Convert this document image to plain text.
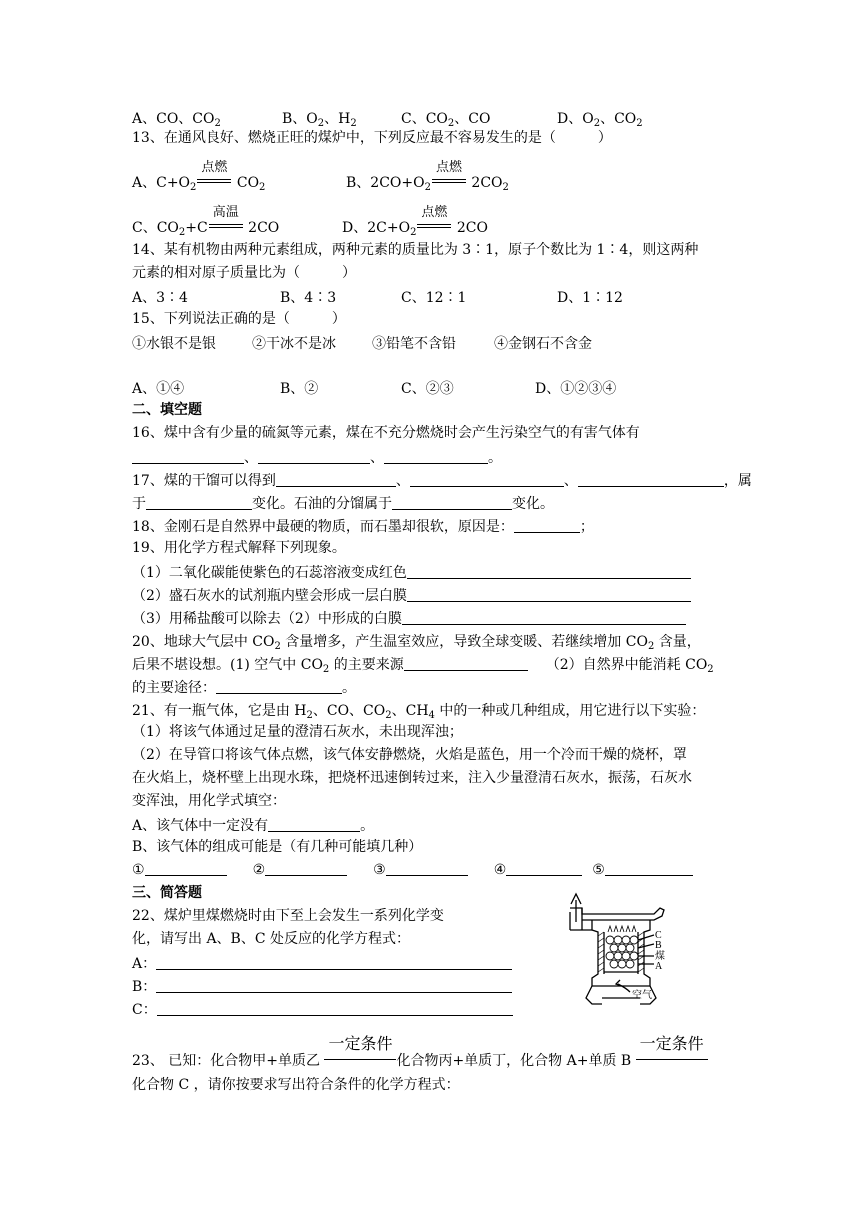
A、CO、$CO_2$	B、$O_2$、$H_2$	C、$CO_2$、CO	D、$O_2$、$CO_2$
13、在通风良好、燃烧正旺的煤炉中，下列反应最不容易发生的是（　　　）
A、$C+O_2$
点燃
$CO_2$	B、$2CO+O_2$
点燃
$2CO_2$
C、$CO_2+C$
高温
2CO	D、$2C+O_2$
点燃
2CO
14、某有机物由两种元素组成，两种元素的质量比为 3∶1，原子个数比为 1∶4，则这两种
元素的相对原子质量比为（　　　）
A、3∶4	B、4∶3	C、12∶1	D、1∶12
15、下列说法正确的是（　　　）
①水银不是银	②干冰不是冰	③铅笔不含铅	④金钢石不含金
A、①④	B、②	C、②③	D、①②③④
二、填空题
16、煤中含有少量的硫氮等元素，煤在不充分燃烧时会产生污染空气的有害气体有
、	、	。
17、煤的干馏可以得到	、	、	，属
于	变化。石油的分馏属于	变化。
18、金刚石是自然界中最硬的物质，而石墨却很软，原因是：	；
19、用化学方程式解释下列现象。
（1）二氧化碳能使紫色的石蕊溶液变成红色
（2）盛石灰水的试剂瓶内壁会形成一层白膜
（3）用稀盐酸可以除去（2）中形成的白膜
20、地球大气层中 $CO_2$ 含量增多，产生温室效应，导致全球变暖、若继续增加 $CO_2$ 含量，
后果不堪设想。(1) 空气中 $CO_2$ 的主要来源	（2）自然界中能消耗 $CO_2$
的主要途径：	。
21、有一瓶气体，它是由 $H_2$、CO、$CO_2$、$CH_4$ 中的一种或几种组成，用它进行以下实验：
（1）将该气体通过足量的澄清石灰水，未出现浑浊；
（2）在导管口将该气体点燃，该气体安静燃烧，火焰是蓝色，用一个冷而干燥的烧杯，罩
在火焰上，烧杯壁上出现水珠，把烧杯迅速倒转过来，注入少量澄清石灰水，振荡，石灰水
变浑浊，用化学式填空：
A、该气体中一定没有	。
B、该气体的组成可能是（有几种可能填几种）
①	②	③	④	⑤
三、简答题
22、煤炉里煤燃烧时由下至上会发生一系列化学变
化，请写出 A、B、C 处反应的化学方程式：
A：
B：
C：
C
B
煤
A
空气
23、 已知：化合物甲+单质乙
一定条件
化合物丙+单质丁，化合物 A+单质 B
一定条件
化合物 C ，请你按要求写出符合条件的化学方程式：
